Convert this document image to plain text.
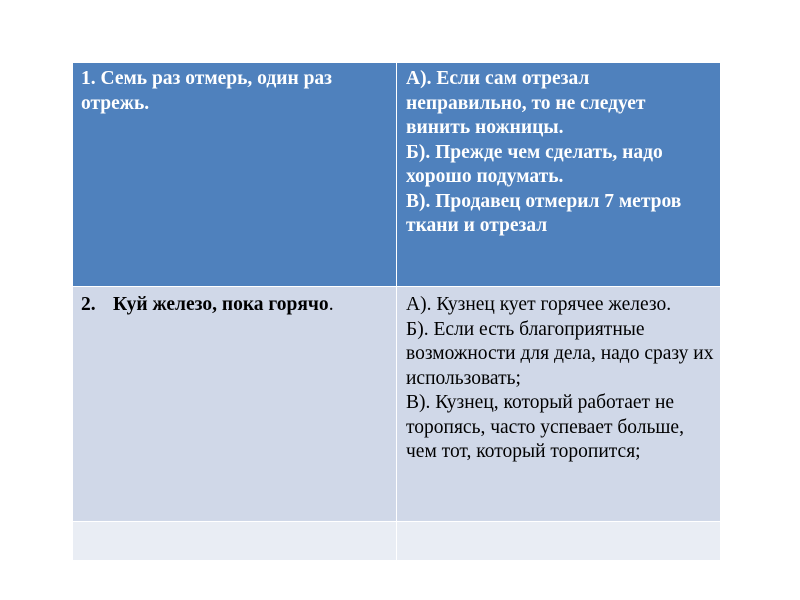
1. Семь раз отмерь, один раз отрежь.	А). Если сам отрезал неправильно, то не следует винить ножницы.
Б). Прежде чем сделать, надо хорошо подумать.
В). Продавец отмерил 7 метров ткани и отрезал

2. Куй железо, пока горячо.	А). Кузнец кует горячее железо.
Б). Если есть благоприятные возможности для дела, надо сразу их использовать;
В). Кузнец, который работает не торопясь, часто успевает больше, чем тот, который торопится;
